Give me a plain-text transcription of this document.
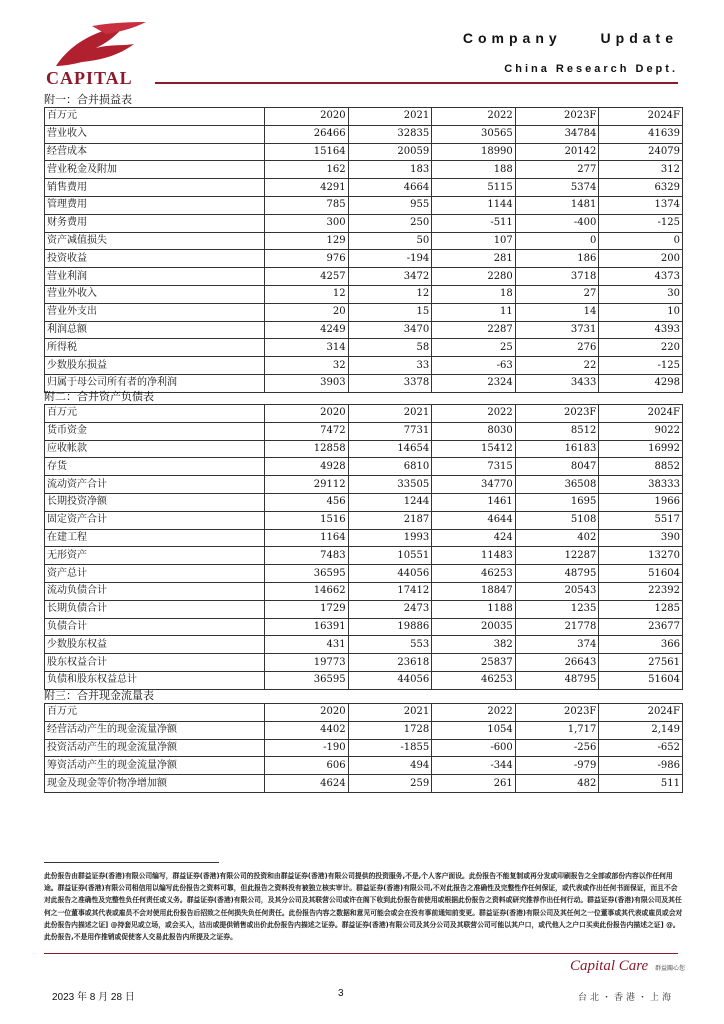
CAPITAL
Company Update
China Research Dept.
附一：合并损益表
百万元	2020	2021	2022	2023F	2024F
营业收入	26466	32835	30565	34784	41639
经营成本	15164	20059	18990	20142	24079
营业税金及附加	162	183	188	277	312
销售费用	4291	4664	5115	5374	6329
管理费用	785	955	1144	1481	1374
财务费用	300	250	-511	-400	-125
资产减值损失	129	50	107	0	0
投资收益	976	-194	281	186	200
营业利润	4257	3472	2280	3718	4373
营业外收入	12	12	18	27	30
营业外支出	20	15	11	14	10
利润总额	4249	3470	2287	3731	4393
所得税	314	58	25	276	220
少数股东损益	32	33	-63	22	-125
归属于母公司所有者的净利润	3903	3378	2324	3433	4298
附二：合并资产负债表
百万元	2020	2021	2022	2023F	2024F
货币资金	7472	7731	8030	8512	9022
应收帐款	12858	14654	15412	16183	16992
存货	4928	6810	7315	8047	8852
流动资产合计	29112	33505	34770	36508	38333
长期投资净额	456	1244	1461	1695	1966
固定资产合计	1516	2187	4644	5108	5517
在建工程	1164	1993	424	402	390
无形资产	7483	10551	11483	12287	13270
资产总计	36595	44056	46253	48795	51604
流动负债合计	14662	17412	18847	20543	22392
长期负债合计	1729	2473	1188	1235	1285
负债合计	16391	19886	20035	21778	23677
少数股东权益	431	553	382	374	366
股东权益合计	19773	23618	25837	26643	27561
负债和股东权益总计	36595	44056	46253	48795	51604
附三：合并现金流量表
百万元	2020	2021	2022	2023F	2024F
经营活动产生的现金流量净额	4402	1728	1054	1,717	2,149
投资活动产生的现金流量净额	-190	-1855	-600	-256	-652
筹资活动产生的现金流量净额	606	494	-344	-979	-986
现金及现金等价物净增加额	4624	259	261	482	511
此份报告由群益证券(香港)有限公司编写，群益证券(香港)有限公司的投资和由群益证券(香港)有限公司提供的投资服务,不是,个人客户面设。此份报告不能复制或再分发或印刷报告之全部或部份内容以作任何用途。群益证券(香港)有限公司相信用以编写此份报告之资料可靠，但此报告之资料没有被独立核实审计。群益证券(香港)有限公司,不对此报告之准确性及完整性作任何保证，或代表或作出任何书面保证，而且不会对此报告之准确性及完整性负任何责任或义务。群益证券(香港)有限公司，及其分公司及其联营公司或许在阁下收到此份报告前使用或根据此份报告之资料或研究推荐作出任何行动。群益证券(香港)有限公司及其任何之一位董事或其代表或雇员不会对使用此份报告后招致之任何损失负任何责任。此份报告内容之数据和意见可能会或会在没有事前通知前变更。群益证券(香港)有限公司及其任何之一位董事或其代表或雇员或会对此份报告内描述之证] @持套见或立场，或会买入，沽出或提供销售或出价此份报告内描述之证券。群益证券(香港)有限公司及其分公司及其联营公司可能以其户口，或代他人之户口买卖此份报告内描述之证] @。此份报告,不是用作推销或促使客人交易此报告内所提及之证券。
2023 年 8 月 28 日	3
Capital Care 群益關心您
台北・香港・上海
